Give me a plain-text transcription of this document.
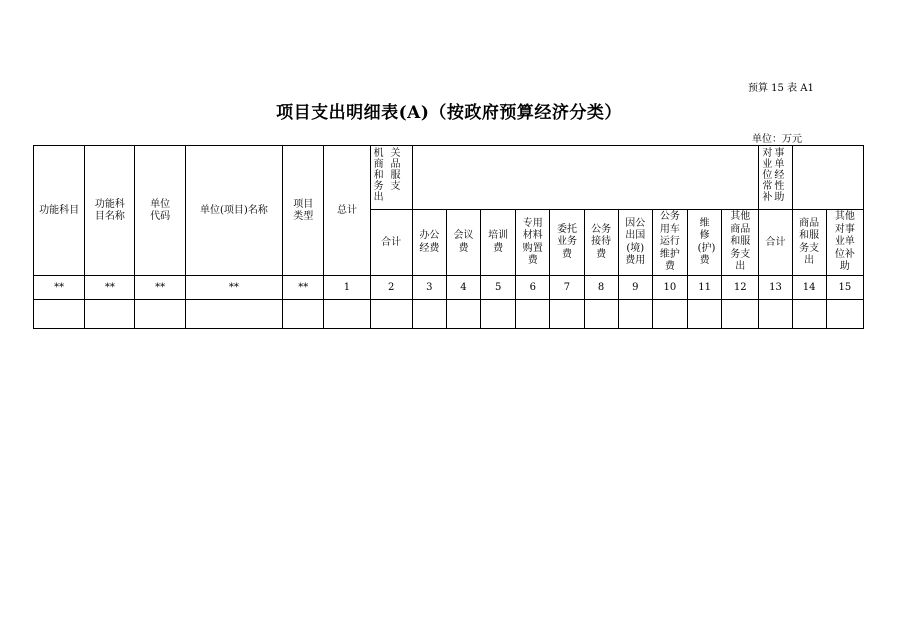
预算 15 表 A1
项目支出明细表(A)（按政府预算经济分类）
单位：万元
功能科目	功能科目名称	单位代码	单位(项目)名称	项目类型	总计	机关商品和服务支出											对事业单位经常性补助		

						合计	办公经费	会议费	培训费	专用材料购置费	委托业务费	公务接待费	因公出国(境)费用	公务用车运行维护费	维修(护)费	其他商品和服务支出	合计	商品和服务支出	其他对事业单位补助

**	**	**	**	**	1	2	3	4	5	6	7	8	9	10	11	12	13	14	15
